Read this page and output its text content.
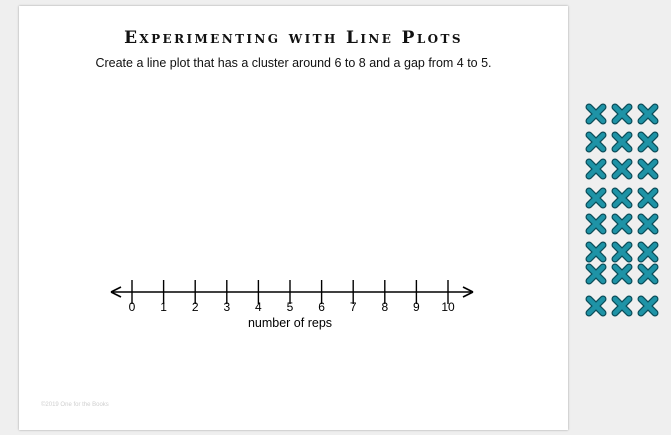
Experimenting with Line Plots
Create a line plot that has a cluster around 6 to 8 and a gap from 4 to 5.
0 1 2 3 4 5 6 7 8 9 10
number of reps
©2019 One for the Books
